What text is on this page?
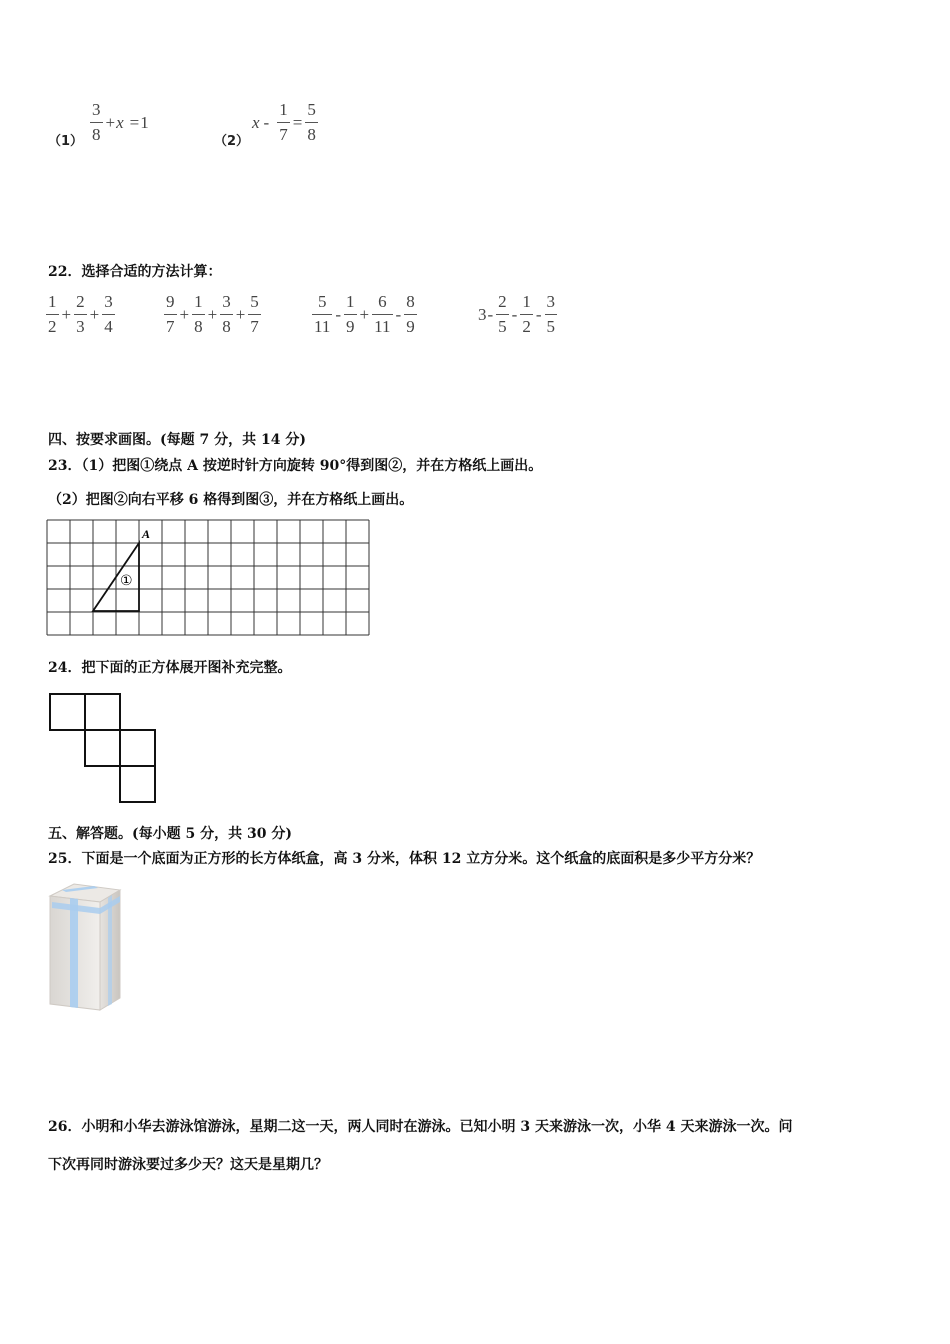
$(1) \frac{3}{8} + x = 1$
（2）
$x - \frac{1}{7} = \frac{5}{8}$
22．选择合适的方法计算：
$\frac{1}{2} + \frac{2}{3} + \frac{3}{4}$	$\frac{9}{7} + \frac{1}{8} + \frac{3}{8} + \frac{5}{7}$	$\frac{5}{11} - \frac{1}{9} + \frac{6}{11} - \frac{8}{9}$	$3 - \frac{2}{5} - \frac{1}{2} - \frac{3}{5}$
四、按要求画图。(每题 7 分，共 14 分)
23．（1）把图①绕点 A 按逆时针方向旋转 90°得到图②，并在方格纸上画出。
（2）把图②向右平移 6 格得到图③，并在方格纸上画出。
A
①
24．把下面的正方体展开图补充完整。
五、解答题。(每小题 5 分，共 30 分)
25．下面是一个底面为正方形的长方体纸盒，高 3 分米，体积 12 立方分米。这个纸盒的底面积是多少平方分米？
26．小明和小华去游泳馆游泳，星期二这一天，两人同时在游泳。已知小明 3 天来游泳一次，小华 4 天来游泳一次。问
下次再同时游泳要过多少天？这天是星期几？
